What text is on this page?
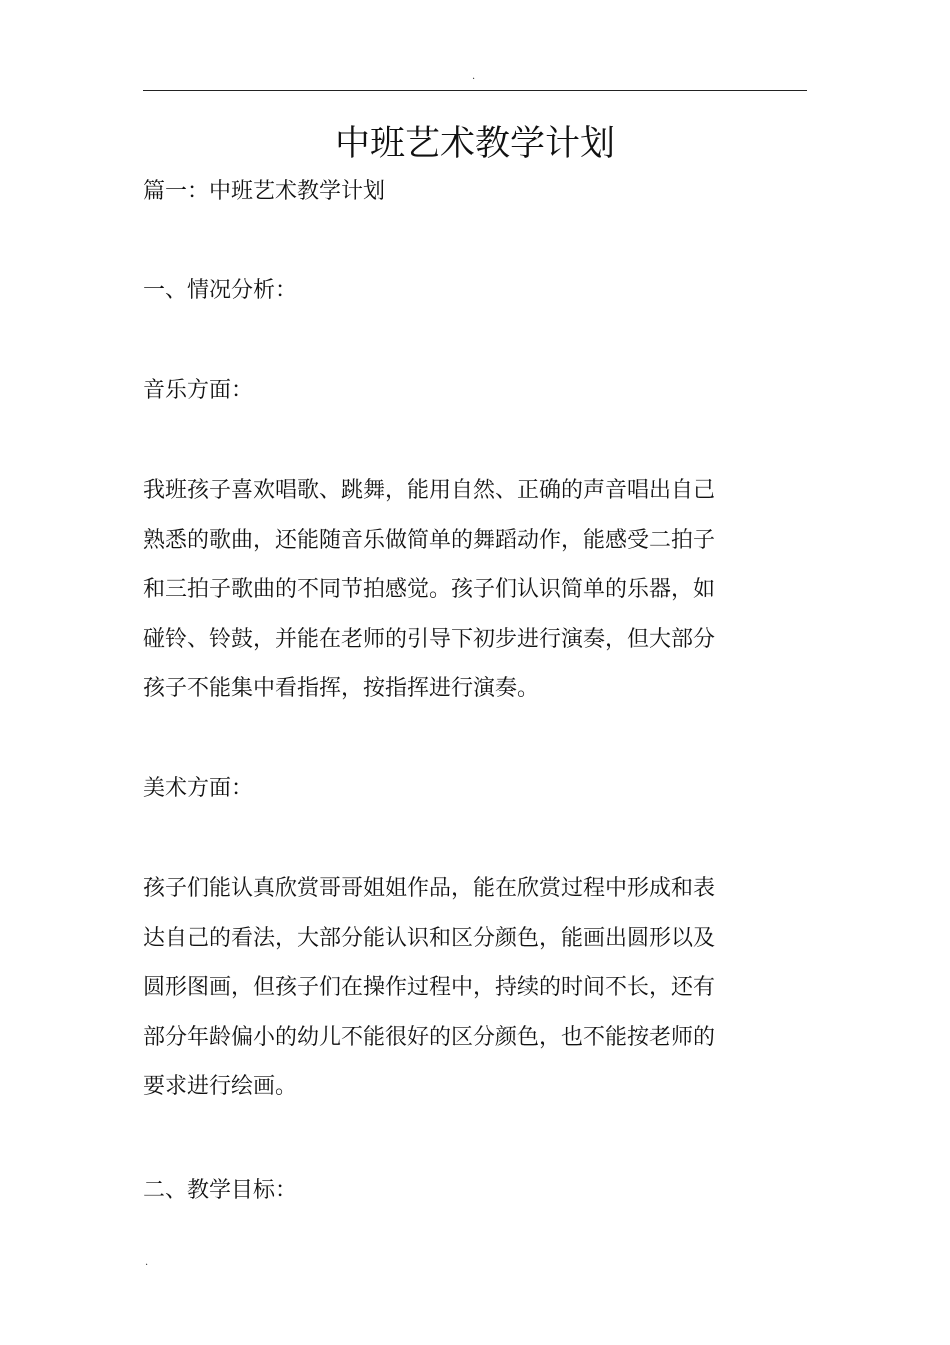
.
中班艺术教学计划
篇一：中班艺术教学计划
一、情况分析：
音乐方面：
我班孩子喜欢唱歌、跳舞，能用自然、正确的声音唱出自己
熟悉的歌曲，还能随音乐做简单的舞蹈动作，能感受二拍子
和三拍子歌曲的不同节拍感觉。孩子们认识简单的乐器，如
碰铃、铃鼓，并能在老师的引导下初步进行演奏，但大部分
孩子不能集中看指挥，按指挥进行演奏。
美术方面：
孩子们能认真欣赏哥哥姐姐作品，能在欣赏过程中形成和表
达自己的看法，大部分能认识和区分颜色，能画出圆形以及
圆形图画，但孩子们在操作过程中，持续的时间不长，还有
部分年龄偏小的幼儿不能很好的区分颜色，也不能按老师的
要求进行绘画。
二、教学目标：
.
